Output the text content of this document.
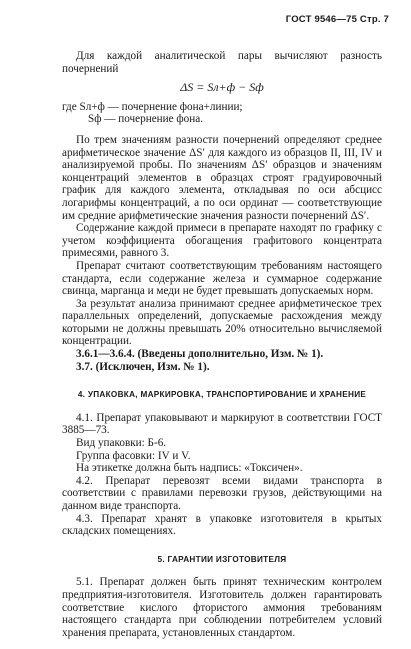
ГОСТ 9546—75 Стр. 7

Для каждой аналитической пары вычисляют разность почернений

ΔS = Sл+ф − Sф
где Sл+ф — почернение фона+линии;
Sф — почернение фона.

По трем значениям разности почернений определяют среднее арифметическое значение ΔS′ для каждого из образцов II, III, IV и анализируемой пробы. По значениям ΔS′ образцов и значениям концентраций элементов в образцах строят градуировочный график для каждого элемента, откладывая по оси абсцисс логарифмы концентраций, а по оси ординат — соответствующие им средние арифметические значения разности почернений ΔS′.

Содержание каждой примеси в препарате находят по графику с учетом коэффициента обогащения графитового концентрата примесями, равного 3.

Препарат считают соответствующим требованиям настоящего стандарта, если содержание железа и суммарное содержание свинца, марганца и меди не будет превышать допускаемых норм.

За результат анализа принимают среднее арифметическое трех параллельных определений, допускаемые расхождения между которыми не должны превышать 20% относительно вычисляемой концентрации.

3.6.1—3.6.4. (Введены дополнительно, Изм. № 1).

3.7. (Исключен, Изм. № 1).

4. УПАКОВКА, МАРКИРОВКА, ТРАНСПОРТИРОВАНИЕ И ХРАНЕНИЕ

4.1. Препарат упаковывают и маркируют в соответствии ГОСТ 3885—73.

Вид упаковки: Б-6.

Группа фасовки: IV и V.

На этикетке должна быть надпись: «Токсичен».

4.2. Препарат перевозят всеми видами транспорта в соответствии с правилами перевозки грузов, действующими на данном виде транспорта.

4.3. Препарат хранят в упаковке изготовителя в крытых складских помещениях.

5. ГАРАНТИИ ИЗГОТОВИТЕЛЯ

5.1. Препарат должен быть принят техническим контролем предприятия-изготовителя. Изготовитель должен гарантировать соответствие кислого фтористого аммония требованиям настоящего стандарта при соблюдении потребителем условий хранения препарата, установленных стандартом.
